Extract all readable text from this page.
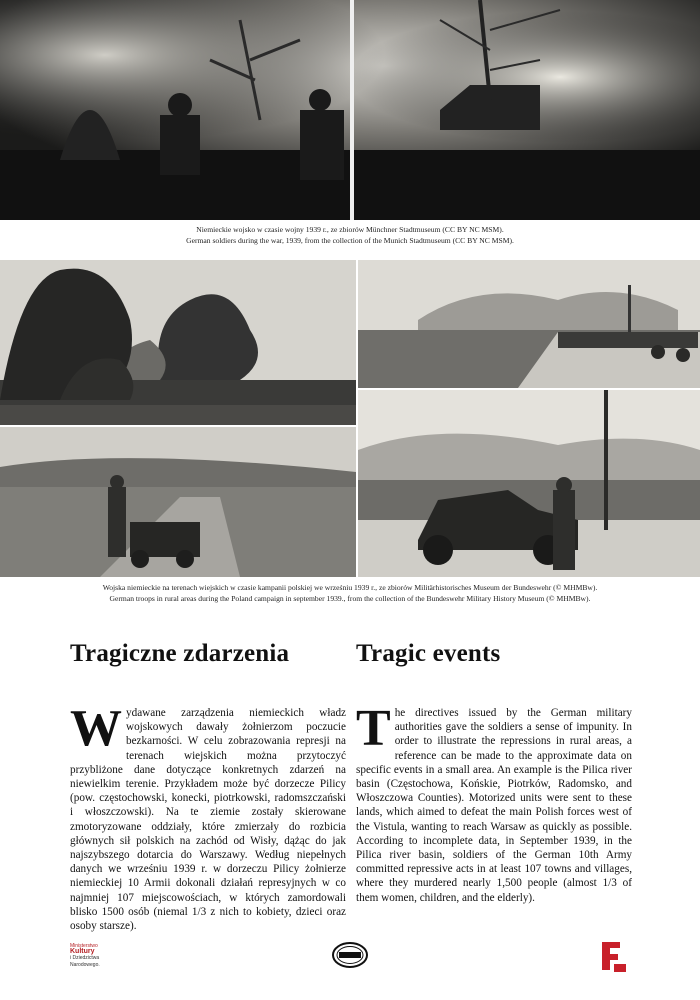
Niemieckie wojsko w czasie wojny 1939 r., ze zbiorów Münchner Stadtmuseum (CC BY NC MSM).
German soldiers during the war, 1939, from the collection of the Munich Stadtmuseum (CC BY NC MSM).
Wojska niemieckie na terenach wiejskich w czasie kampanii polskiej we wrześniu 1939 r., ze zbiorów Militärhistorisches Museum der Bundeswehr (© MHMBw).
German troops in rural areas during the Poland campaign in september 1939., from the collection of the Bundeswehr Military History Museum (© MHMBw).
Tragiczne zdarzenia	Tragic events
Wydawane zarządzenia niemieckich władz wojskowych dawały żołnierzom poczucie bezkarności. W celu zobrazowania represji na terenach wiejskich można przytoczyć przybliżone dane dotyczące konkretnych zdarzeń na niewielkim terenie. Przykładem może być dorzecze Pilicy (pow. częstochowski, konecki, piotrkowski, radomszczański i włoszczowski). Na te ziemie zostały skierowane zmotoryzowane oddziały, które zmierzały do rozbicia głównych sił polskich na zachód od Wisły, dążąc do jak najszybszego dotarcia do Warszawy. Według niepełnych danych we wrześniu 1939 r. w dorzeczu Pilicy żołnierze niemieckiej 10 Armii dokonali działań represyjnych w co najmniej 107 miejscowościach, w których zamordowali blisko 1500 osób (niemal 1/3 z nich to kobiety, dzieci oraz osoby starsze).
The directives issued by the German military authorities gave the soldiers a sense of impunity. In order to illustrate the repressions in rural areas, a reference can be made to the approximate data on specific events in a small area. An example is the Pilica river basin (Częstochowa, Końskie, Piotrków, Radomsko, and Włoszczowa Counties). Motorized units were sent to these lands, which aimed to defeat the main Polish forces west of the Vistula, wanting to reach Warsaw as quickly as possible. According to incomplete data, in September 1939, in the Pilica river basin, soldiers of the German 10th Army committed repressive acts in at least 107 towns and villages, where they murdered nearly 1,500 people (almost 1/3 of them women, children, and the elderly).
Ministerstwo
Kultury
i Dziedzictwa
Narodowego.
